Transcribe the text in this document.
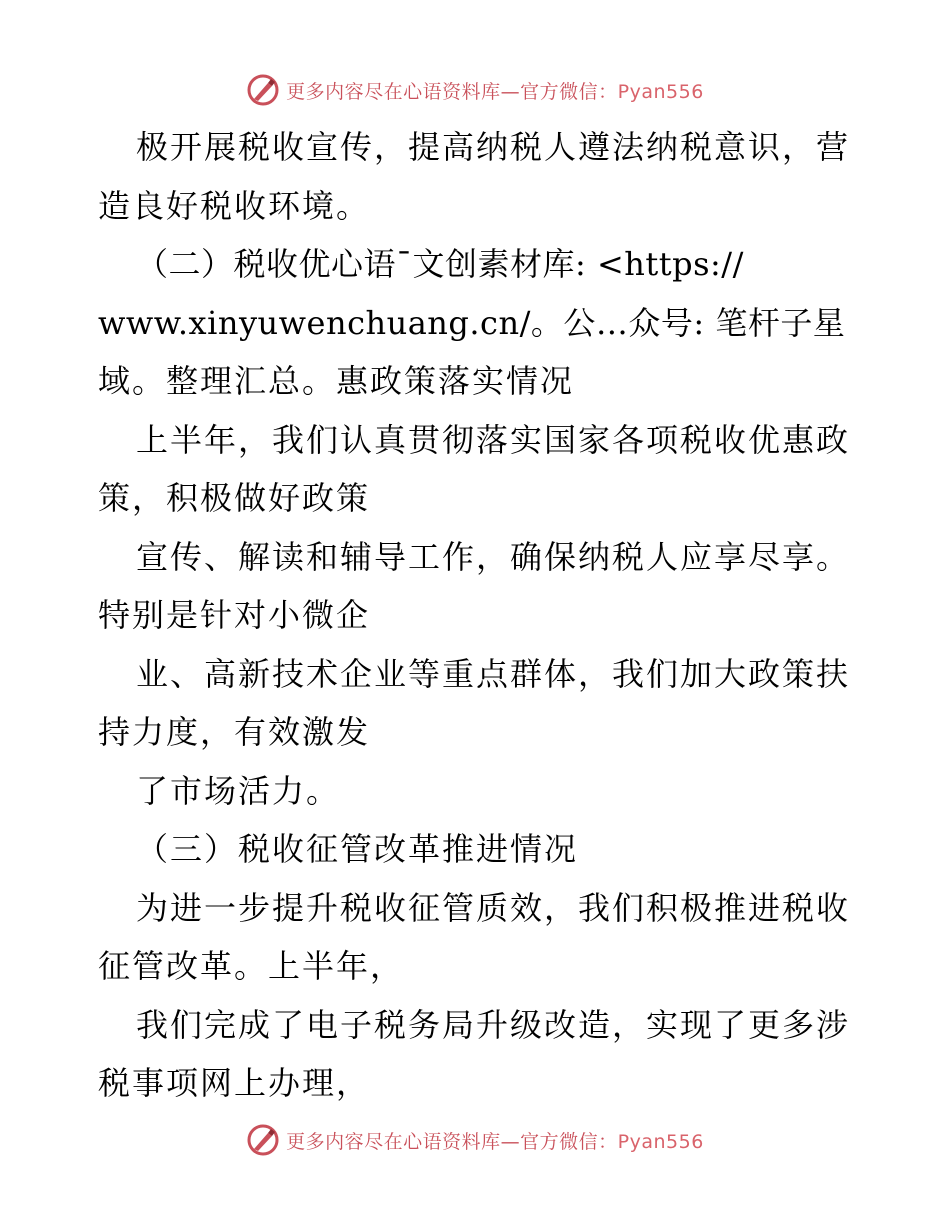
更多内容尽在心语资料库—官方微信：Pyan556
极开展税收宣传，提高纳税人遵法纳税意识，营
造良好税收环境。
（二）税收优心语¯文创素材库: <https://
www.xinyuwenchuang.cn/。公…众号: 笔杆子星
域。整理汇总。惠政策落实情况
上半年，我们认真贯彻落实国家各项税收优惠政
策，积极做好政策
宣传、解读和辅导工作，确保纳税人应享尽享。
特别是针对小微企
业、高新技术企业等重点群体，我们加大政策扶
持力度，有效激发
了市场活力。
（三）税收征管改革推进情况
为进一步提升税收征管质效，我们积极推进税收
征管改革。上半年，
我们完成了电子税务局升级改造，实现了更多涉
税事项网上办理，
更多内容尽在心语资料库—官方微信：Pyan556
